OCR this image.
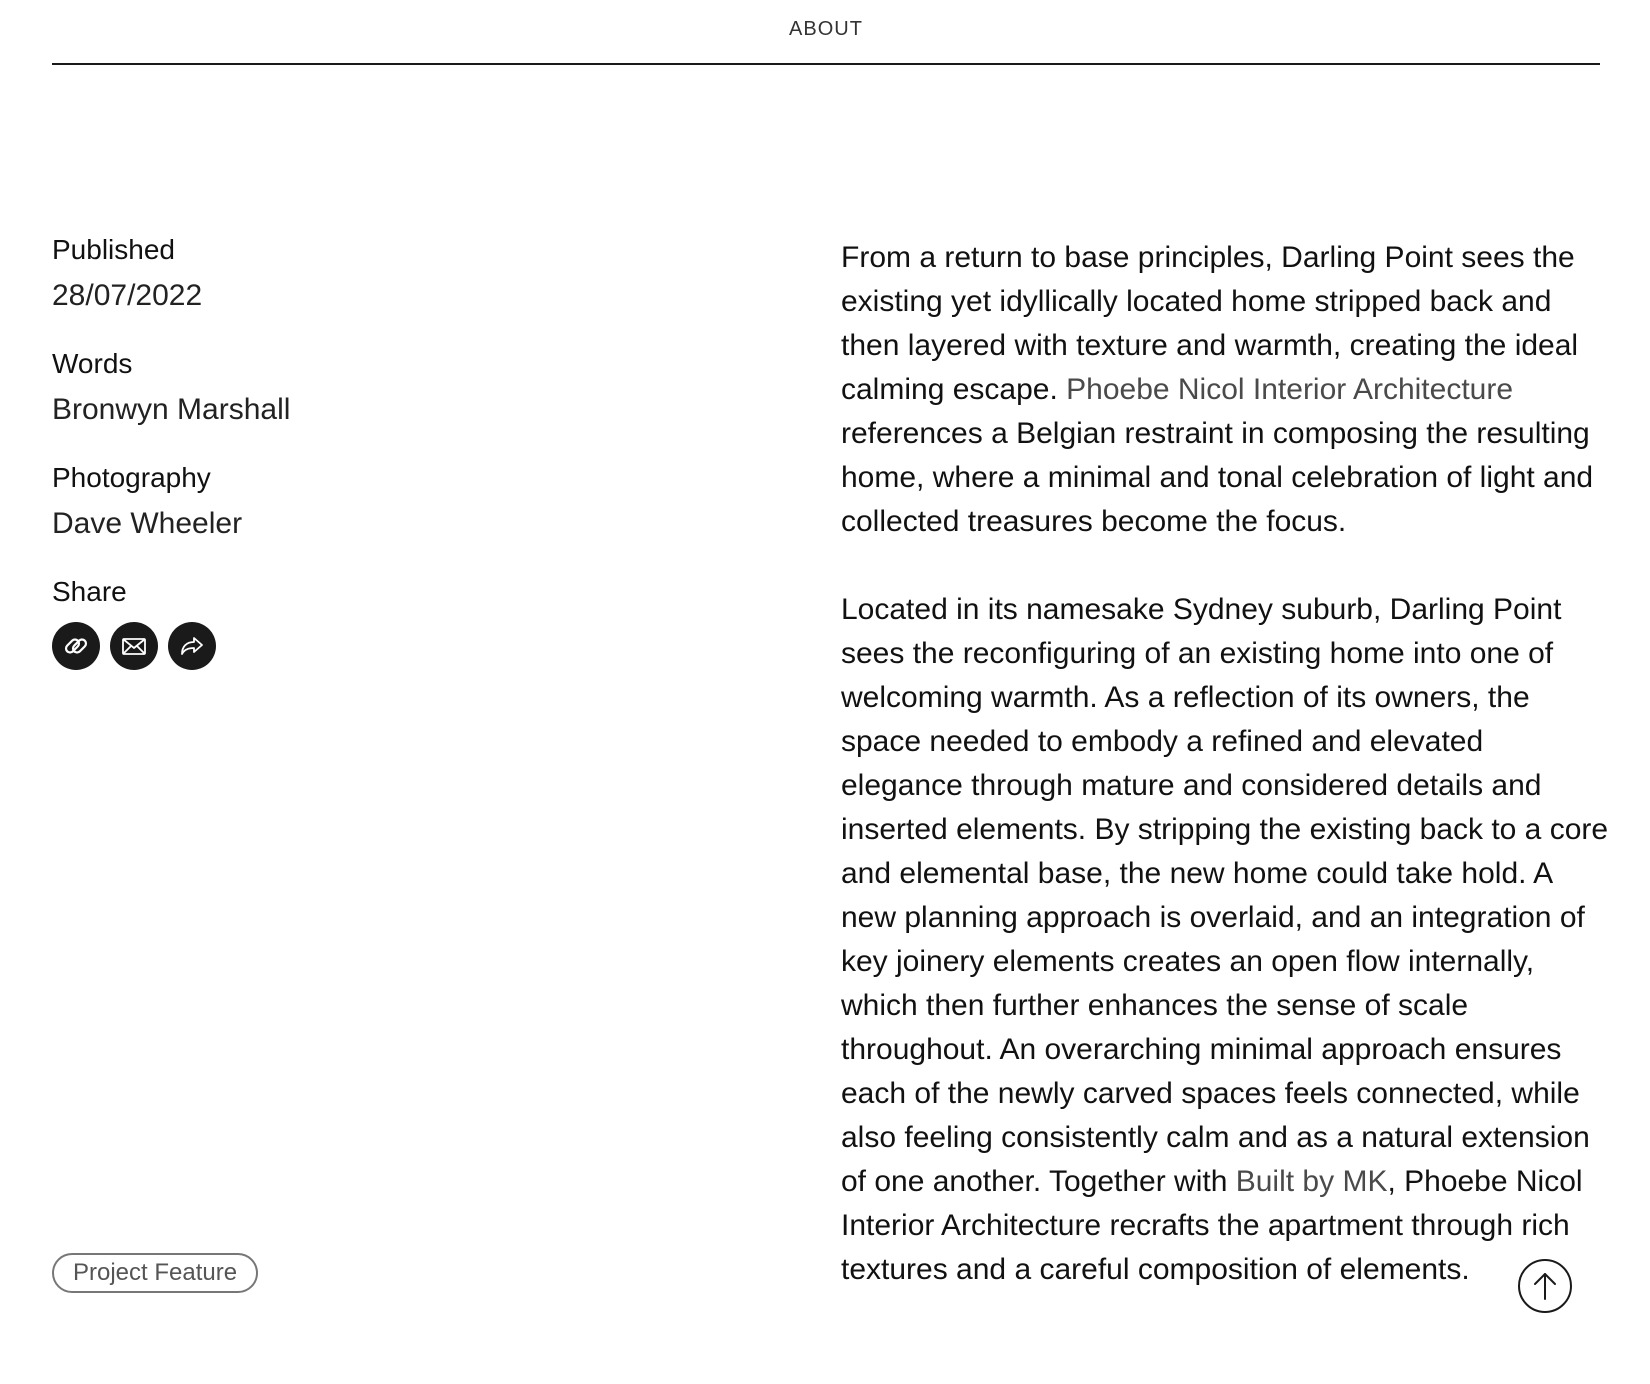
ABOUT
Published
28/07/2022
Words
Bronwyn Marshall
Photography
Dave Wheeler
Share
Project Feature

From a return to base principles, Darling Point sees the existing yet idyllically located home stripped back and then layered with texture and warmth, creating the ideal calming escape. Phoebe Nicol Interior Architecture references a Belgian restraint in composing the resulting home, where a minimal and tonal celebration of light and collected treasures become the focus.

Located in its namesake Sydney suburb, Darling Point sees the reconfiguring of an existing home into one of welcoming warmth. As a reflection of its owners, the space needed to embody a refined and elevated elegance through mature and considered details and inserted elements. By stripping the existing back to a core and elemental base, the new home could take hold. A new planning approach is overlaid, and an integration of key joinery elements creates an open flow internally, which then further enhances the sense of scale throughout. An overarching minimal approach ensures each of the newly carved spaces feels connected, while also feeling consistently calm and as a natural extension of one another. Together with Built by MK, Phoebe Nicol Interior Architecture recrafts the apartment through rich textures and a careful composition of elements.
